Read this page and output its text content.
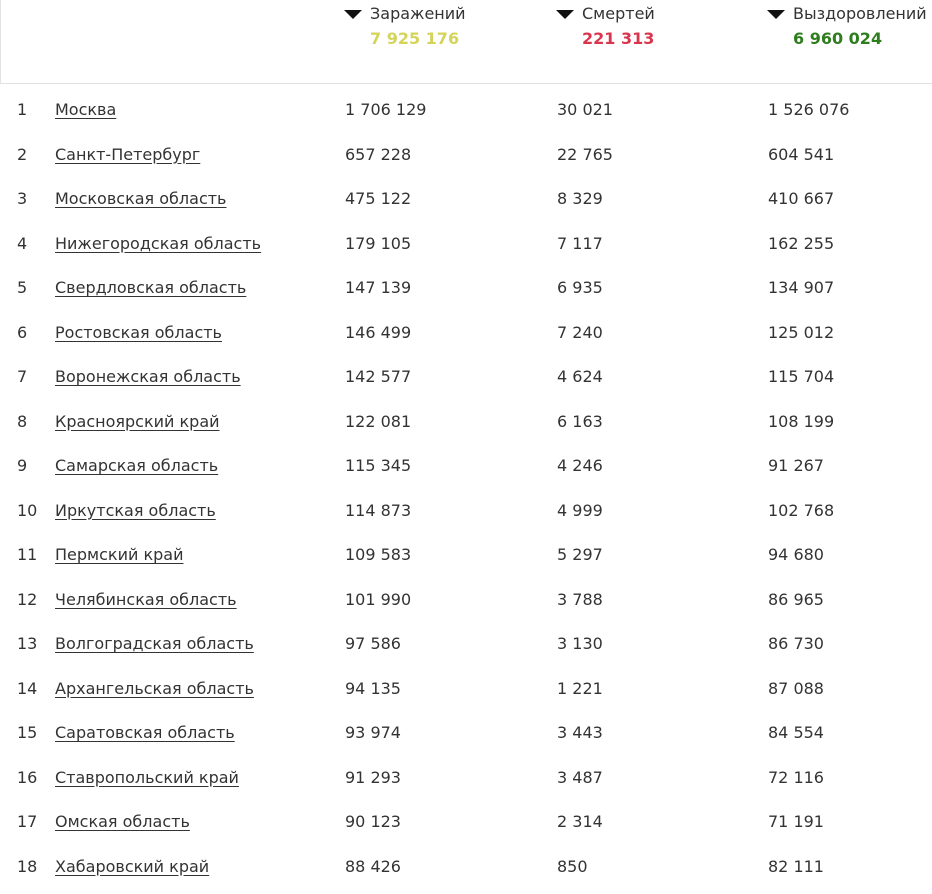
Заражений
7 925 176
Смертей
221 313
Выздоровлений
6 960 024
1 Москва	1 706 129	30 021	1 526 076
2 Санкт-Петербург	657 228	22 765	604 541
3 Московская область	475 122	8 329	410 667
4 Нижегородская область	179 105	7 117	162 255
5 Свердловская область	147 139	6 935	134 907
6 Ростовская область	146 499	7 240	125 012
7 Воронежская область	142 577	4 624	115 704
8 Красноярский край	122 081	6 163	108 199
9 Самарская область	115 345	4 246	91 267
10 Иркутская область	114 873	4 999	102 768
11 Пермский край	109 583	5 297	94 680
12 Челябинская область	101 990	3 788	86 965
13 Волгоградская область	97 586	3 130	86 730
14 Архангельская область	94 135	1 221	87 088
15 Саратовская область	93 974	3 443	84 554
16 Ставропольский край	91 293	3 487	72 116
17 Омская область	90 123	2 314	71 191
18 Хабаровский край	88 426	850	82 111
